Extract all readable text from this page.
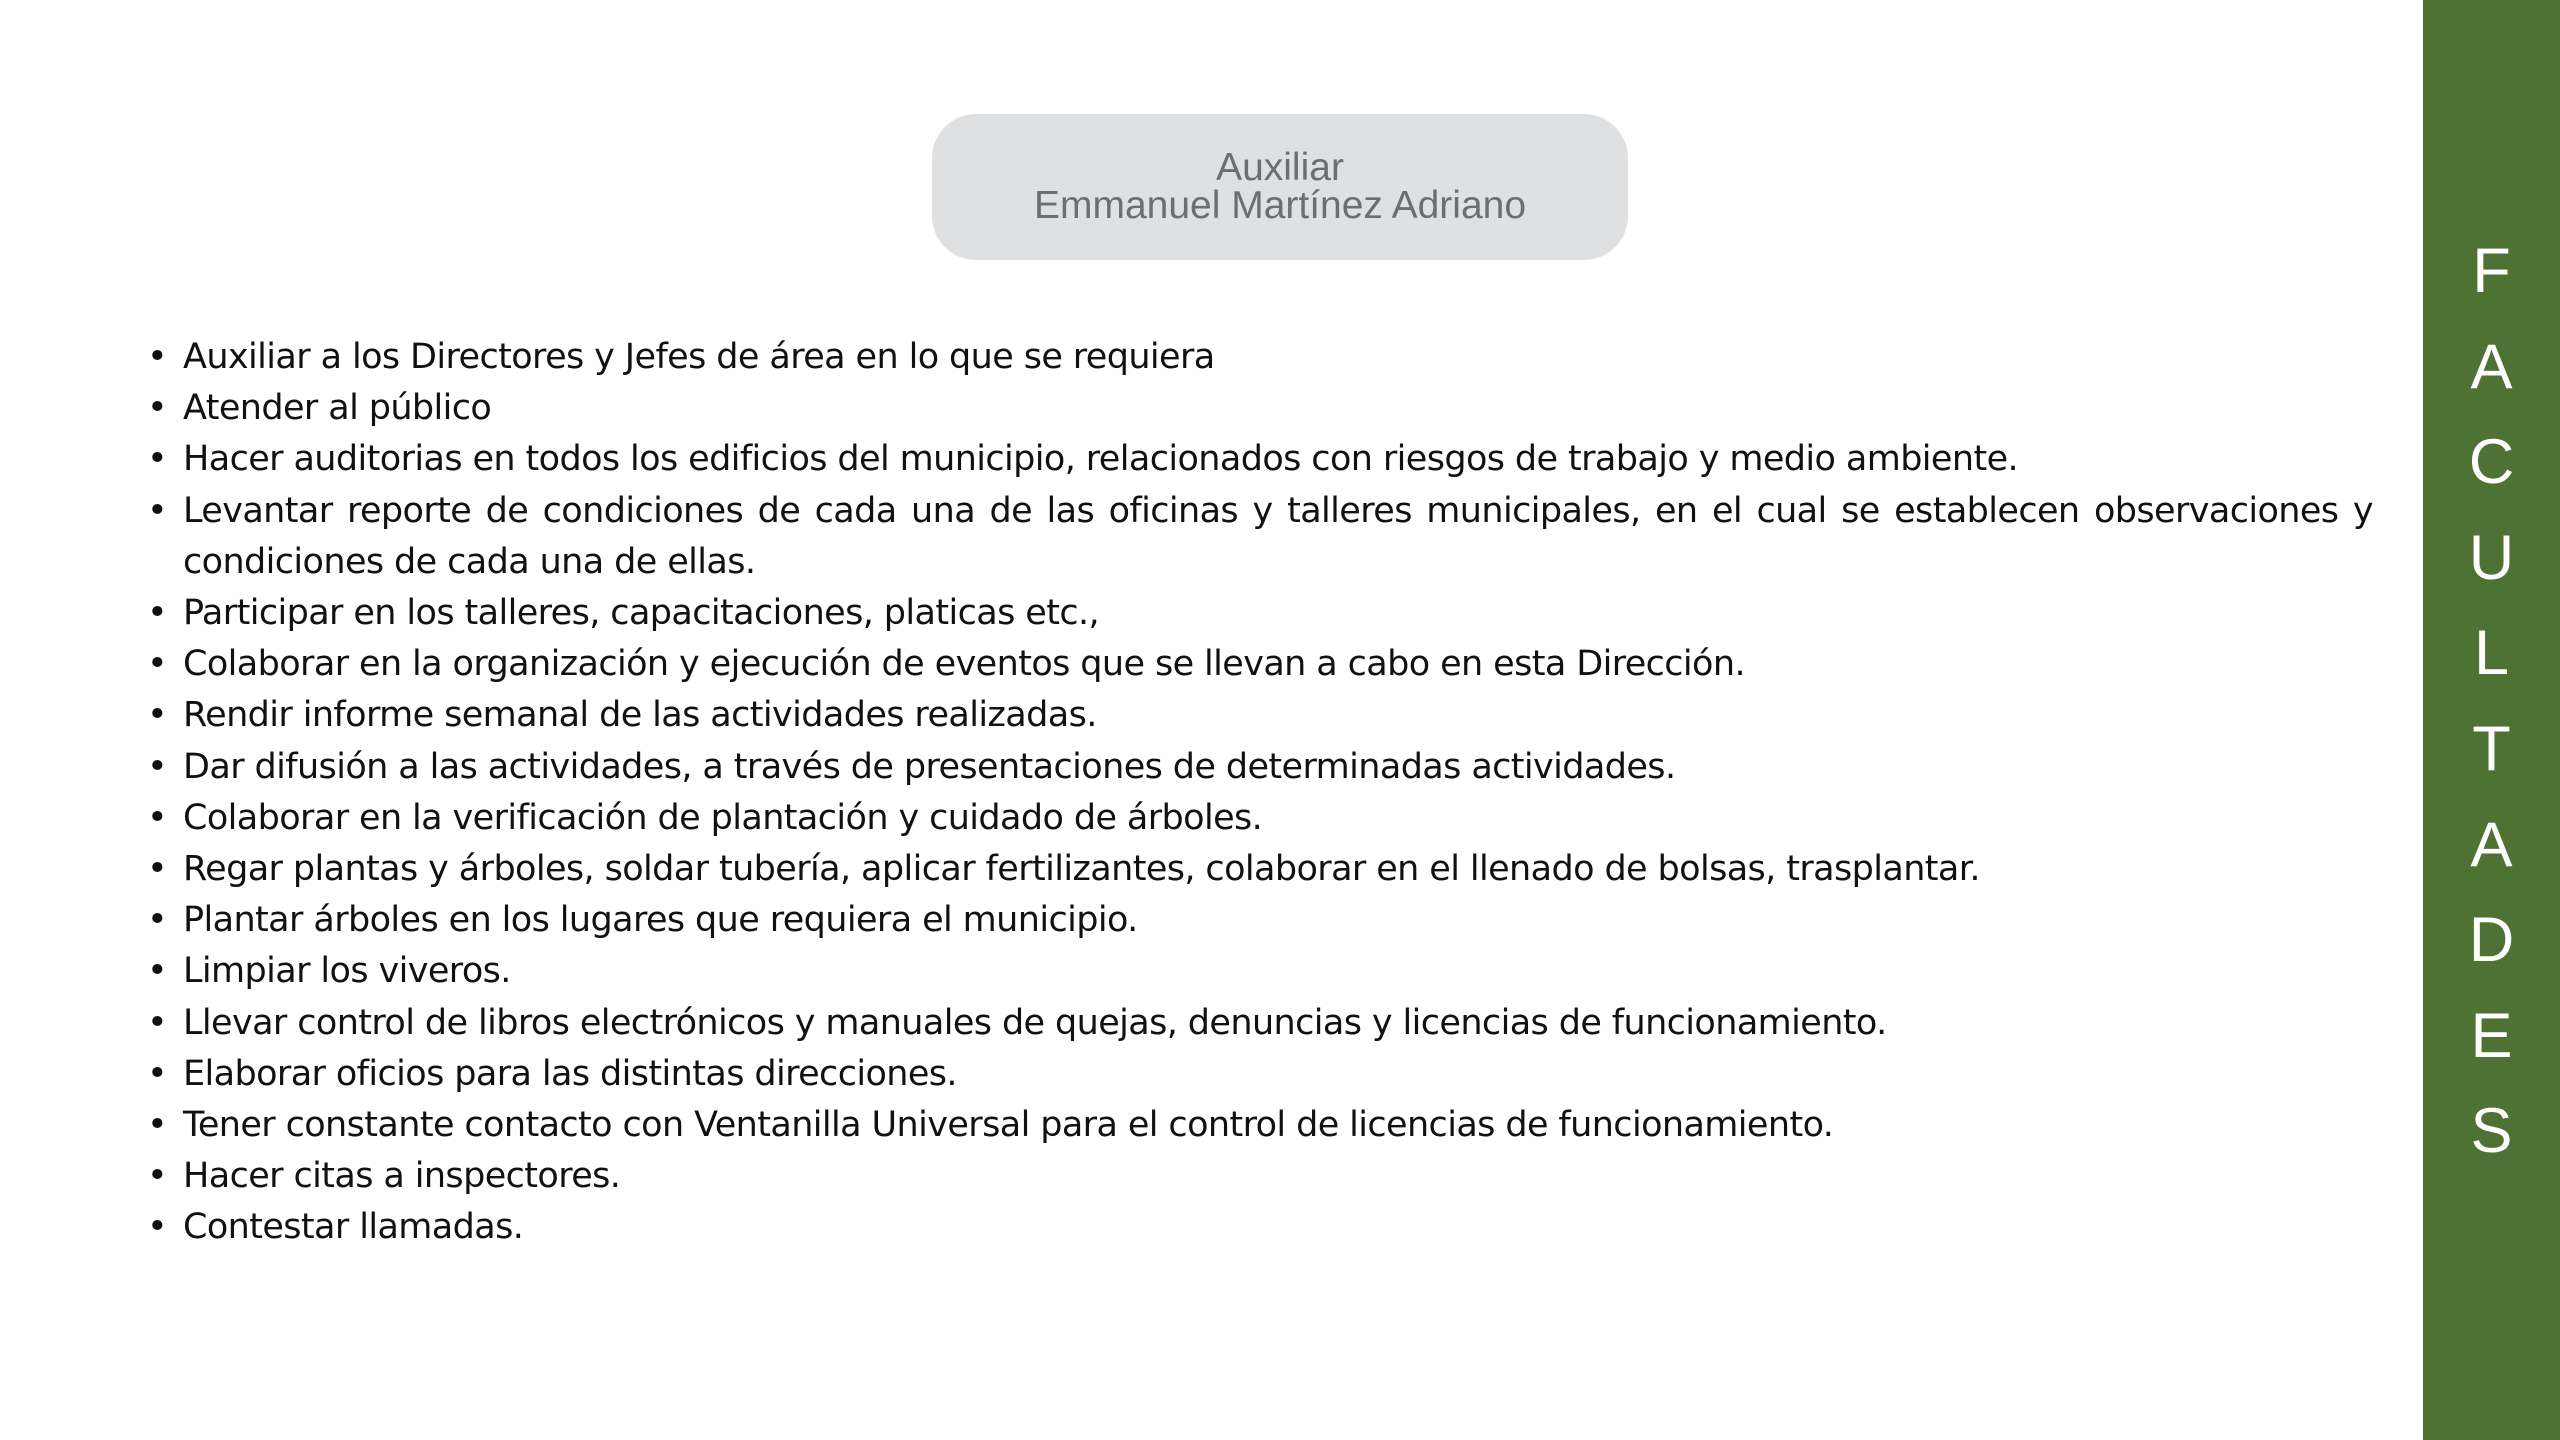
Auxiliar
Emmanuel Martínez Adriano
• Auxiliar a los Directores y Jefes de área en lo que se requiera
• Atender al público
• Hacer auditorias en todos los edificios del municipio, relacionados con riesgos de trabajo y medio ambiente.
• Levantar reporte de condiciones de cada una de las oficinas y talleres municipales, en el cual se establecen observaciones y condiciones de cada una de ellas.
• Participar en los talleres, capacitaciones, platicas etc.,
• Colaborar en la organización y ejecución de eventos que se llevan a cabo en esta Dirección.
• Rendir informe semanal de las actividades realizadas.
• Dar difusión a las actividades, a través de presentaciones de determinadas actividades.
• Colaborar en la verificación de plantación y cuidado de árboles.
• Regar plantas y árboles, soldar tubería, aplicar fertilizantes, colaborar en el llenado de bolsas, trasplantar.
• Plantar árboles en los lugares que requiera el municipio.
• Limpiar los viveros.
• Llevar control de libros electrónicos y manuales de quejas, denuncias y licencias de funcionamiento.
• Elaborar oficios para las distintas direcciones.
• Tener constante contacto con Ventanilla Universal para el control de licencias de funcionamiento.
• Hacer citas a inspectores.
• Contestar llamadas.
F
A
C
U
L
T
A
D
E
S
